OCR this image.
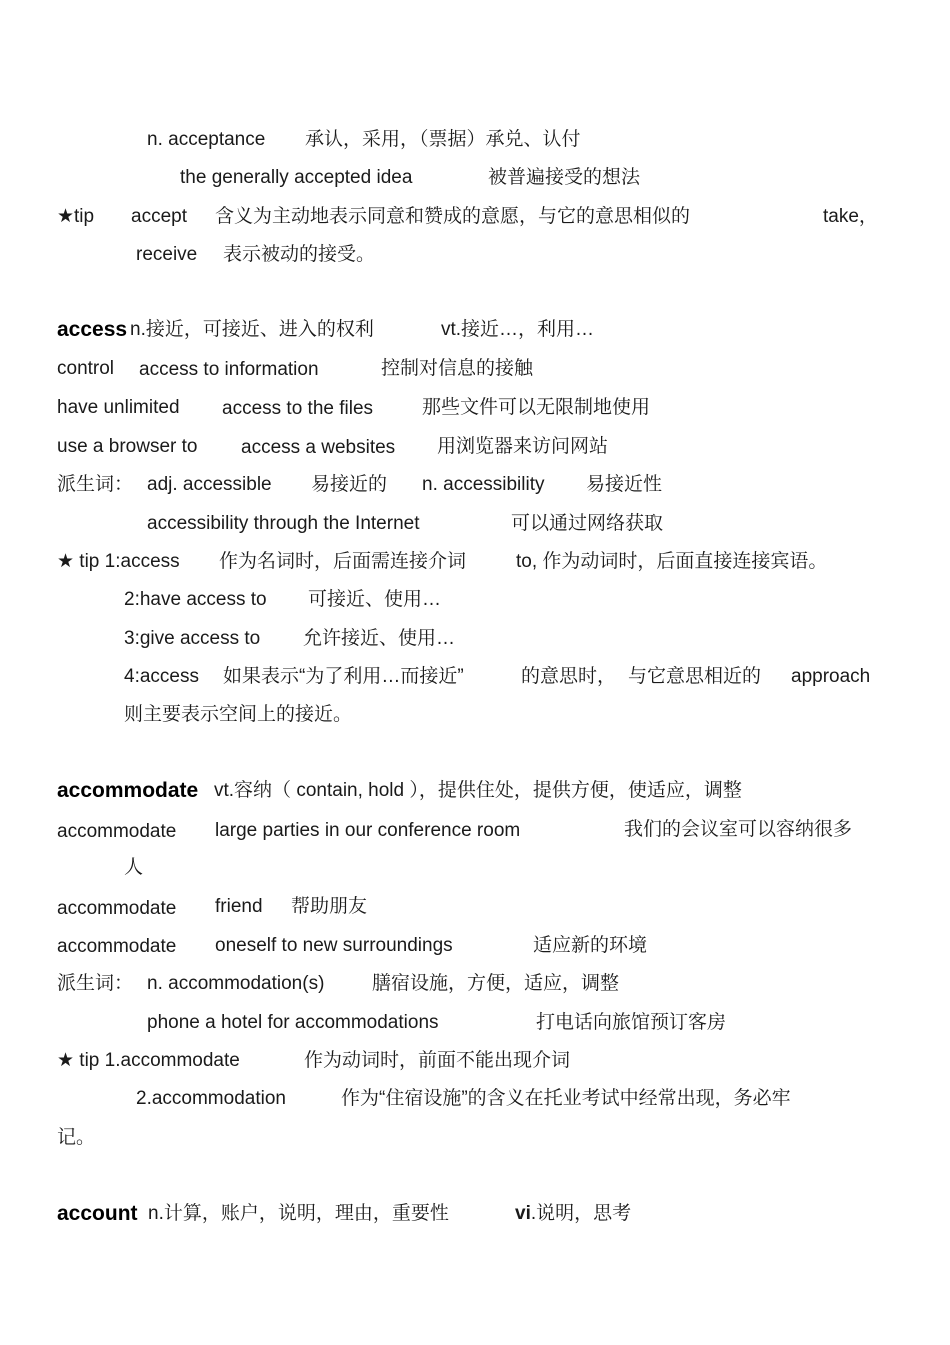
n. acceptance 承认，采用，（票据）承兑、认付
the generally accepted idea	被普遍接受的想法
★tip accept 含义为主动地表示同意和赞成的意愿，与它的意思相似的	take，
receive 表示被动的接受。
access n.接近，可接近、进入的权利	vt.接近…，利用…
control access to information	控制对信息的接触
have unlimited access to the files	那些文件可以无限制地使用
use a browser to access a websites 用浏览器来访问网站
派生词： adj. accessible 易接近的 n. accessibility 易接近性
accessibility through the Internet	可以通过网络获取
★ tip 1:access 作为名词时，后面需连接介词	to, 作为动词时，后面直接连接宾语。
2:have access to 可接近、使用…
3:give access to 允许接近、使用…
4:access 如果表示“为了利用…而接近”	的意思时， 与它意思相近的 approach
则主要表示空间上的接近。
accommodate vt.容纳（ contain, hold ），提供住处，提供方便，使适应，调整
accommodate large parties in our conference room	我们的会议室可以容纳很多
人
accommodate friend 帮助朋友
accommodate oneself to new surroundings	适应新的环境
派生词： n. accommodation(s)	膳宿设施，方便，适应，调整
phone a hotel for accommodations	打电话向旅馆预订客房
★ tip 1.accommodate	作为动词时，前面不能出现介词
2.accommodation	作为“住宿设施”的含义在托业考试中经常出现，务必牢
记。
account n.计算，账户，说明，理由，重要性	vi.说明，思考
